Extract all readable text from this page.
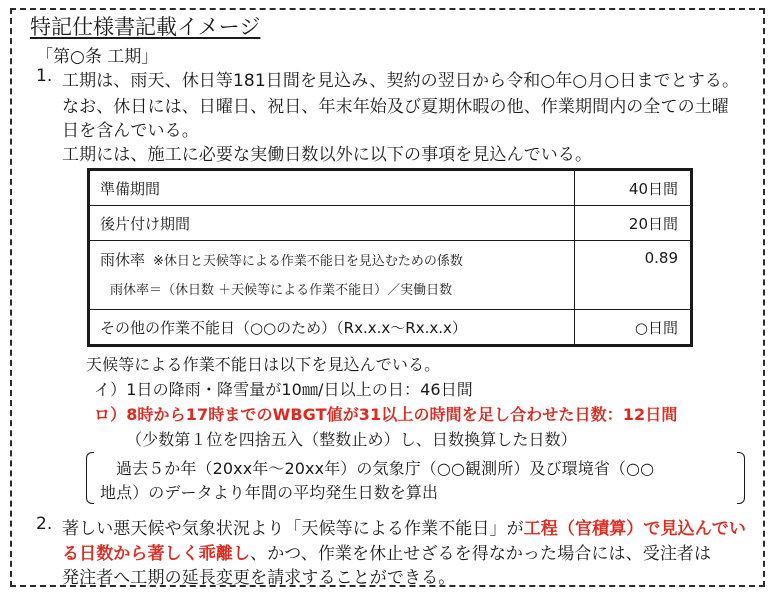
特記仕様書記載イメージ
「第○条 工期」
1. 工期は、雨天、休日等181日間を見込み、契約の翌日から令和○年○月○日までとする。
なお、休日には、日曜日、祝日、年末年始及び夏期休暇の他、作業期間内の全ての土曜
日を含んでいる。
工期には、施工に必要な実働日数以外に以下の事項を見込んでいる。
準備期間	40日間
後片付け期間	20日間
雨休率 ※休日と天候等による作業不能日を見込むための係数
雨休率＝（休日数 ＋天候等による作業不能日）／実働日数	0.89
その他の作業不能日（○○のため）（Rx.x.x～Rx.x.x）	○日間
天候等による作業不能日は以下を見込んでいる。
イ）1日の降雨・降雪量が10㎜/日以上の日：46日間
ロ）8時から17時までのWBGT値が31以上の時間を足し合わせた日数：12日間
（少数第１位を四捨五入（整数止め）し、日数換算した日数）
過去５か年（20xx年～20xx年）の気象庁（○○観測所）及び環境省（○○
地点）のデータより年間の平均発生日数を算出
2. 著しい悪天候や気象状況より「天候等による作業不能日」が工程（官積算）で見込んでい
る日数から著しく乖離し、かつ、作業を休止せざるを得なかった場合には、受注者は
発注者へ工期の延長変更を請求することができる。
